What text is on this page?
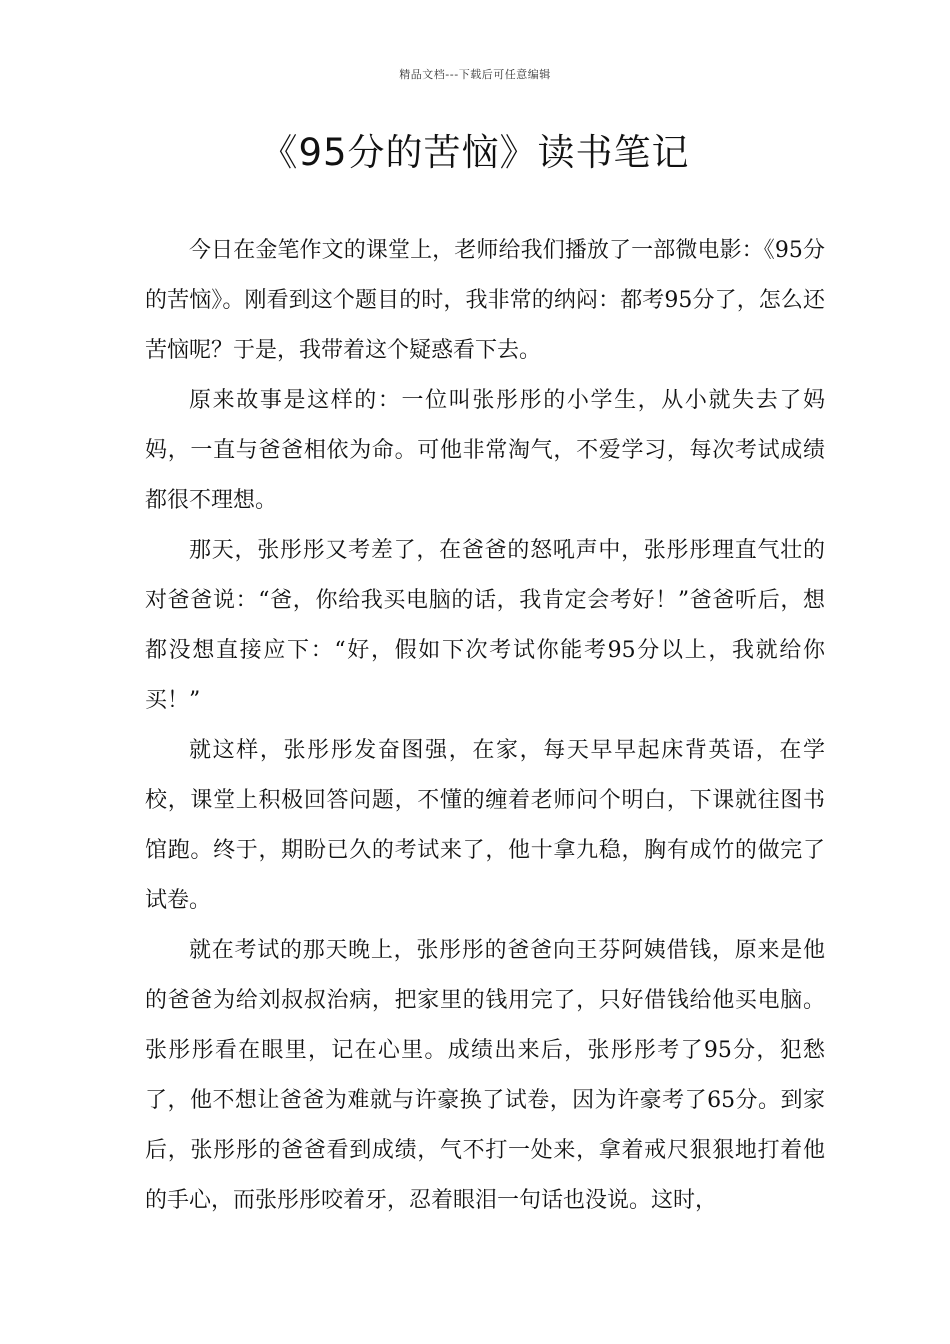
精品文档---下载后可任意编辑
《95分的苦恼》读书笔记

今日在金笔作文的课堂上，老师给我们播放了一部微电影：《95分的苦恼》。刚看到这个题目的时，我非常的纳闷：都考95分了，怎么还苦恼呢？于是，我带着这个疑惑看下去。

原来故事是这样的：一位叫张彤彤的小学生，从小就失去了妈妈，一直与爸爸相依为命。可他非常淘气，不爱学习，每次考试成绩都很不理想。

那天，张彤彤又考差了，在爸爸的怒吼声中，张彤彤理直气壮的对爸爸说：“爸，你给我买电脑的话，我肯定会考好！”爸爸听后，想都没想直接应下：“好，假如下次考试你能考95分以上，我就给你买！”

就这样，张彤彤发奋图强，在家，每天早早起床背英语，在学校，课堂上积极回答问题，不懂的缠着老师问个明白，下课就往图书馆跑。终于，期盼已久的考试来了，他十拿九稳，胸有成竹的做完了试卷。

就在考试的那天晚上，张彤彤的爸爸向王芬阿姨借钱，原来是他的爸爸为给刘叔叔治病，把家里的钱用完了，只好借钱给他买电脑。张彤彤看在眼里，记在心里。成绩出来后，张彤彤考了95分，犯愁了，他不想让爸爸为难就与许豪换了试卷，因为许豪考了65分。到家后，张彤彤的爸爸看到成绩，气不打一处来，拿着戒尺狠狠地打着他的手心，而张彤彤咬着牙，忍着眼泪一句话也没说。这时，
